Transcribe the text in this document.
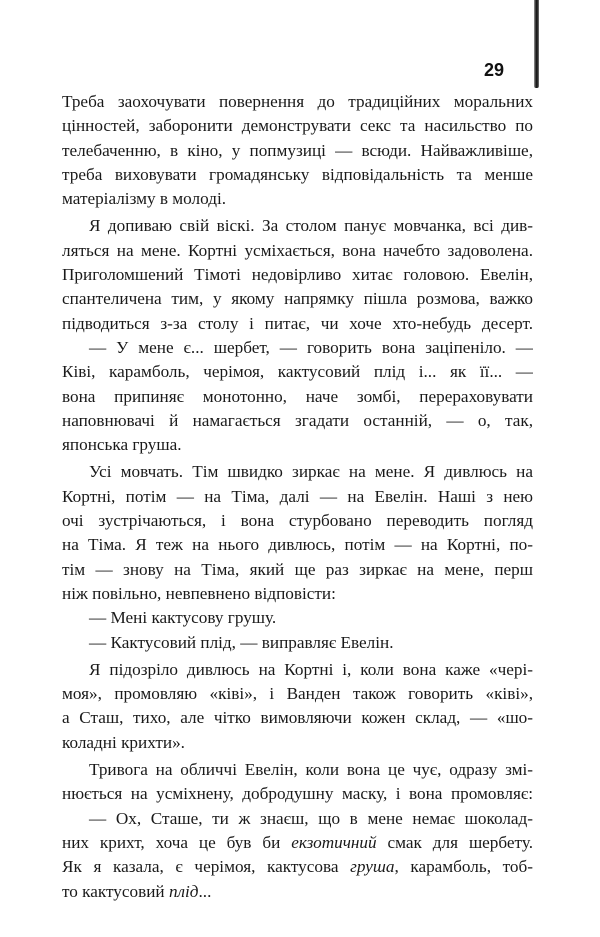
29
Треба заохочувати повернення до традиційних моральних
цінностей, заборонити демонструвати секс та насильство по
телебаченню, в кіно, у попмузиці — всюди. Найважливіше,
треба виховувати громадянську відповідальність та менше
матеріалізму в молоді.
Я допиваю свій віскі. За столом панує мовчанка, всі див-
ляться на мене. Кортні усміхається, вона начебто задоволена.
Приголомшений Тімоті недовірливо хитає головою. Евелін,
спантеличена тим, у якому напрямку пішла розмова, важко
підводиться з-за столу і питає, чи хоче хто-небудь десерт.
— У мене є... шербет, — говорить вона заціпеніло. —
Ківі, карамболь, черімоя, кактусовий плід і... як її... —
вона припиняє монотонно, наче зомбі, перераховувати
наповнювачі й намагається згадати останній, — о, так,
японська груша.
Усі мовчать. Тім швидко зиркає на мене. Я дивлюсь на
Кортні, потім — на Тіма, далі — на Евелін. Наші з нею
очі зустрічаються, і вона стурбовано переводить погляд
на Тіма. Я теж на нього дивлюсь, потім — на Кортні, по-
тім — знову на Тіма, який ще раз зиркає на мене, перш
ніж повільно, невпевнено відповісти:
— Мені кактусову грушу.
— Кактусовий плід, — виправляє Евелін.
Я підозріло дивлюсь на Кортні і, коли вона каже «чері-
моя», промовляю «ківі», і Ванден також говорить «ківі»,
а Сташ, тихо, але чітко вимовляючи кожен склад, — «шо-
коладні крихти».
Тривога на обличчі Евелін, коли вона це чує, одразу змі-
нюється на усміхнену, добродушну маску, і вона промовляє:
— Ох, Сташе, ти ж знаєш, що в мене немає шоколад-
них крихт, хоча це був би екзотичний смак для шербету.
Як я казала, є черімоя, кактусова груша, карамболь, тоб-
то кактусовий плід...
